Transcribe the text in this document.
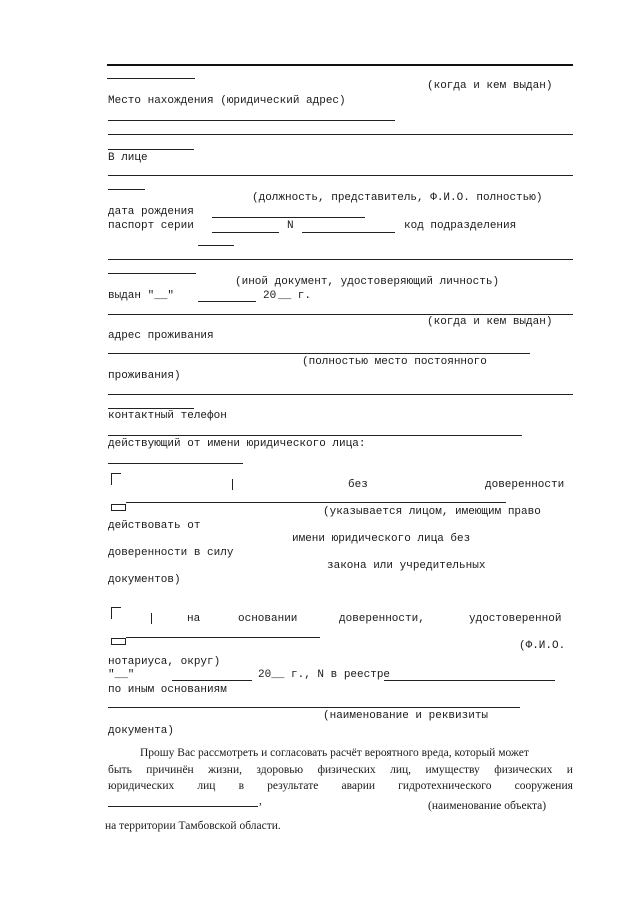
(когда и кем выдан)
Место нахождения (юридический адрес)
В лице
(должность, представитель, Ф.И.О. полностью)
дата рождения
паспорт серии	N	код подразделения
(иной документ, удостоверяющий личность)
выдан "__"	20 __ г.
(когда и кем выдан)
адрес проживания
(полностью место постоянного
проживания)
контактный телефон
действующий от имени юридического лица:
без	доверенности
(указывается лицом, имеющим право
действовать от
имени юридического лица без
доверенности в силу
закона или учредительных
документов)
на	основании	доверенности,	удостоверенной
(Ф.И.О.
нотариуса, округ)
"__"	20__ г., N в реестре
по иным основаниям
(наименование и реквизиты
документа)
Прошу Вас рассмотреть и согласовать расчёт вероятного вреда, который может
быть причинён жизни, здоровью физических лиц, имуществу физических и
юридических лиц в результате аварии гидротехнического сооружения
,	(наименование объекта)
на территории Тамбовской области.
